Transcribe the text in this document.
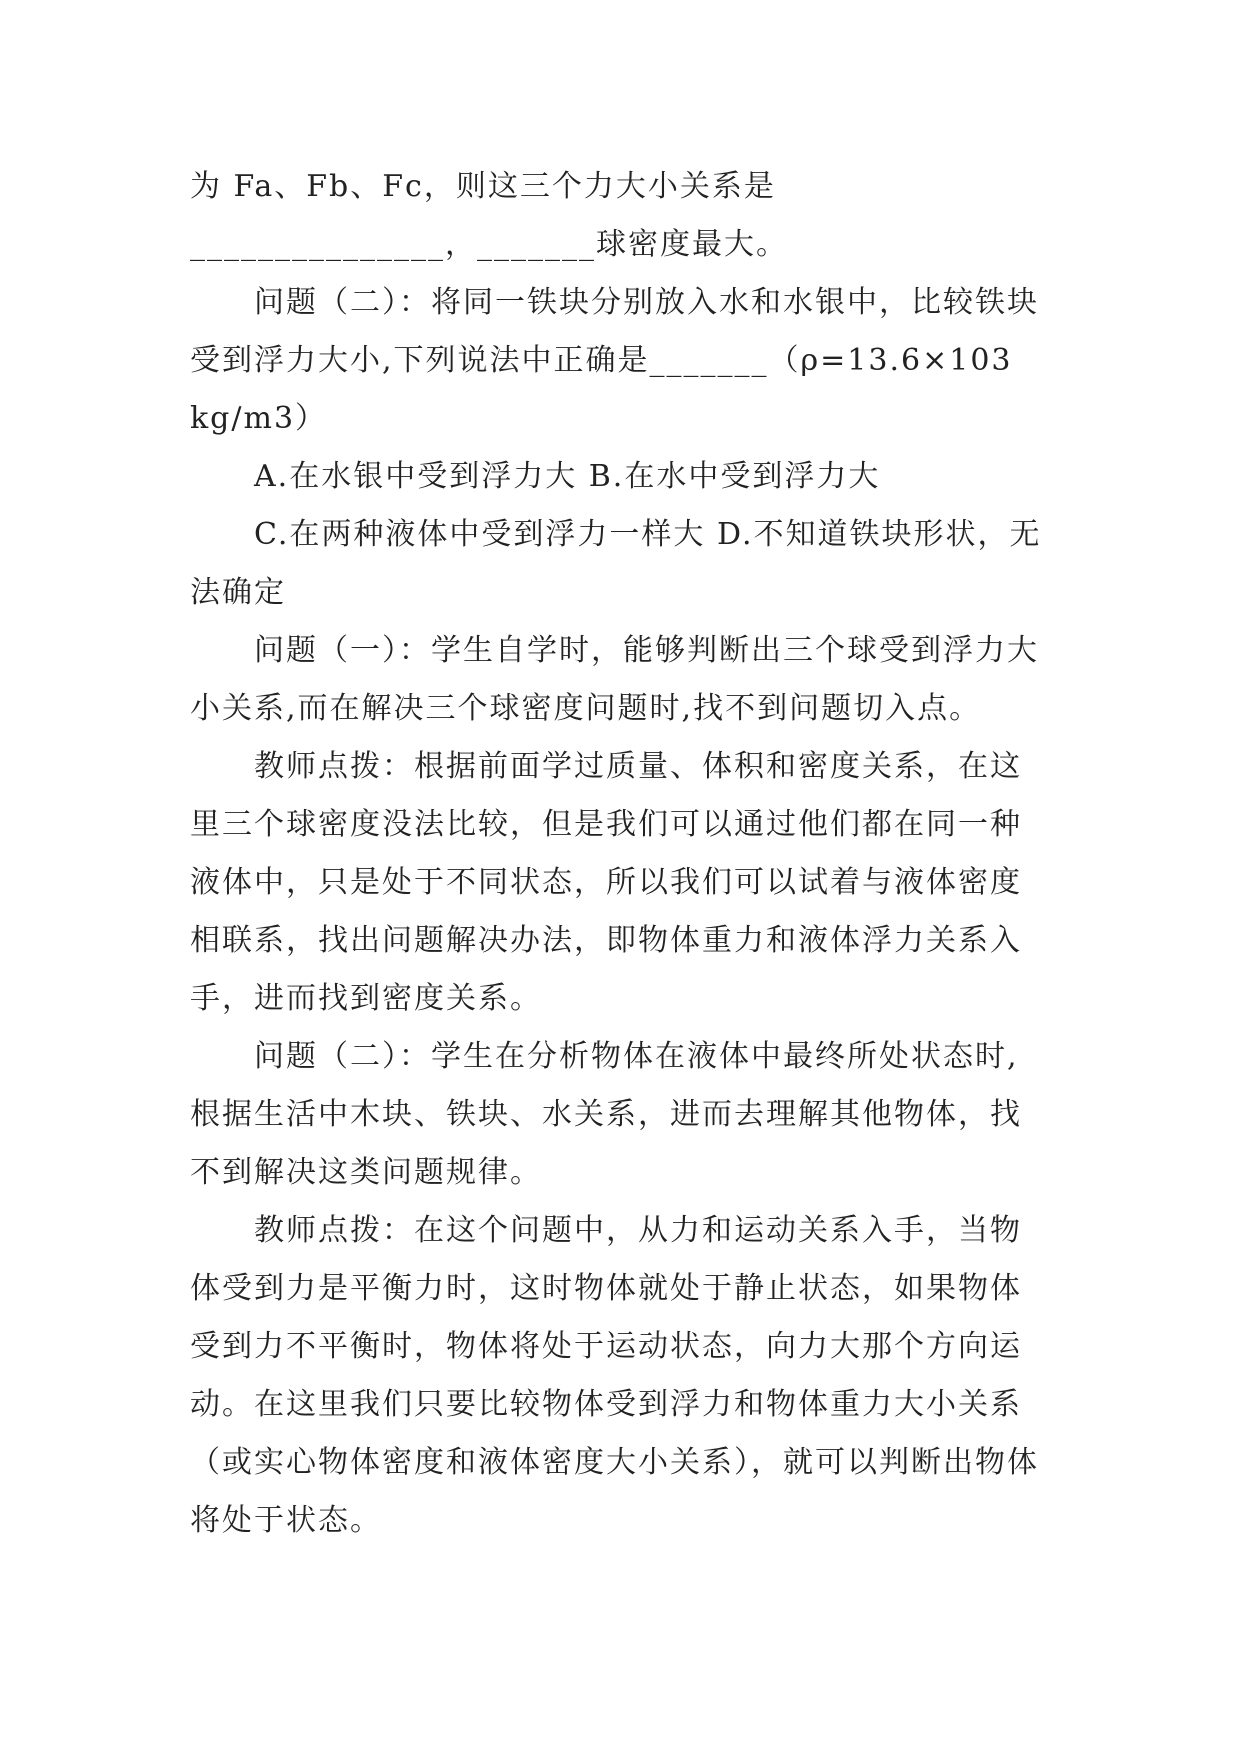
为 Fa、Fb、Fc，则这三个力大小关系是_______________，_______球密度最大。

问题（二）：将同一铁块分别放入水和水银中，比较铁块受到浮力大小,下列说法中正确是_______（ρ=13.6×103 kg/m3）

A.在水银中受到浮力大 B.在水中受到浮力大

C.在两种液体中受到浮力一样大 D.不知道铁块形状，无法确定

问题（一）：学生自学时，能够判断出三个球受到浮力大小关系,而在解决三个球密度问题时,找不到问题切入点。

教师点拨：根据前面学过质量、体积和密度关系，在这里三个球密度没法比较，但是我们可以通过他们都在同一种液体中，只是处于不同状态，所以我们可以试着与液体密度相联系，找出问题解决办法，即物体重力和液体浮力关系入手，进而找到密度关系。

问题（二）：学生在分析物体在液体中最终所处状态时,根据生活中木块、铁块、水关系，进而去理解其他物体，找不到解决这类问题规律。

教师点拨：在这个问题中，从力和运动关系入手，当物体受到力是平衡力时，这时物体就处于静止状态，如果物体受到力不平衡时，物体将处于运动状态，向力大那个方向运动。在这里我们只要比较物体受到浮力和物体重力大小关系（或实心物体密度和液体密度大小关系），就可以判断出物体将处于状态。
